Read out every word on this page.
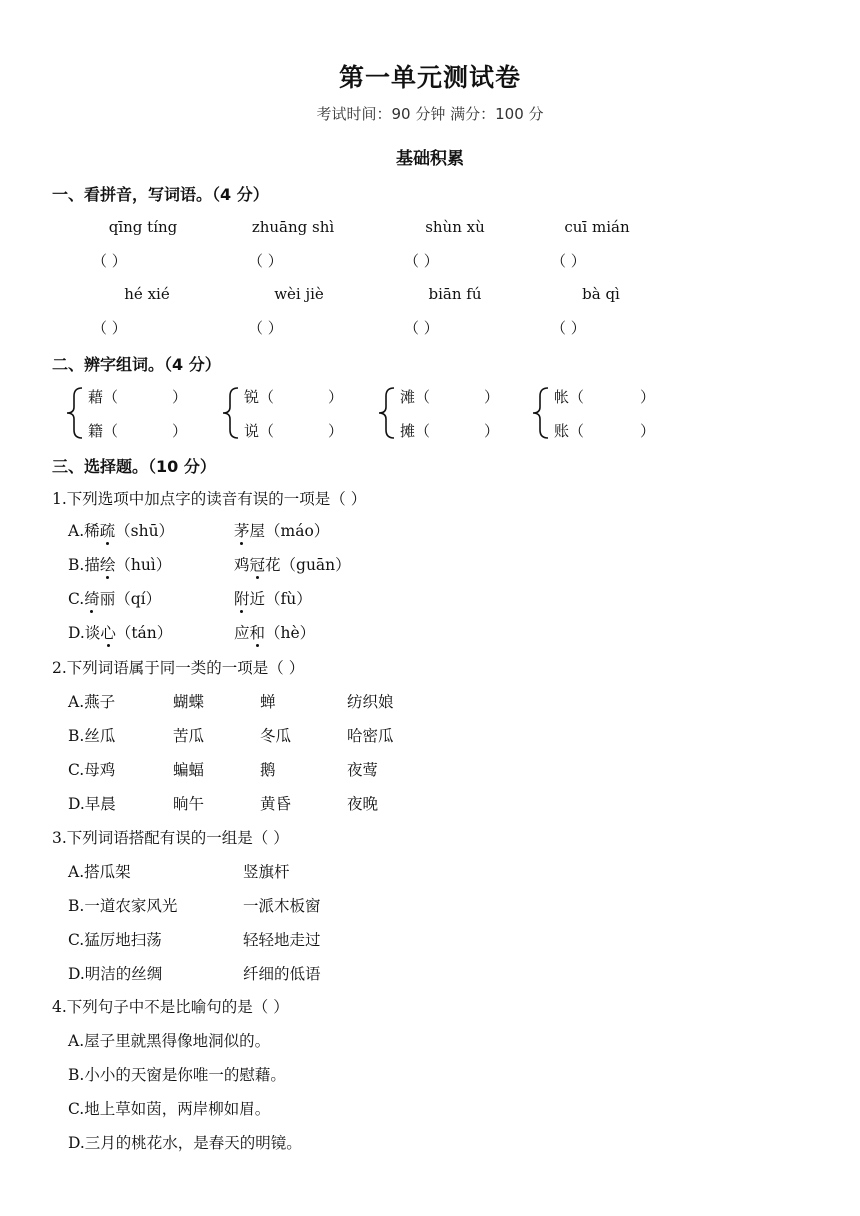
第一单元测试卷
考试时间：90 分钟 满分：100 分
基础积累
一、看拼音，写词语。（4 分）
qīng tíng	zhuāng shì	shùn xù	cuī mián
（ ）	（ ）	（ ）	（ ）
hé xié	wèi jiè	biān fú	bà qì
（ ）	（ ）	（ ）	（ ）
二、辨字组词。（4 分）
藉（	）
籍（	）
锐（	）
说（	）
滩（	）
摊（	）
帐（	）
账（	）
三、选择题。（10 分）
1.下列选项中加点字的读音有误的一项是（ ）
A.稀疏（shū）	茅屋（máo）
B.描绘（huì）	鸡冠花（guān）
C.绮丽（qí）	附近（fù）
D.谈心（tán）	应和（hè）
2.下列词语属于同一类的一项是（ ）
A.燕子	蝴蝶	蝉	纺织娘
B.丝瓜	苦瓜	冬瓜	哈密瓜
C.母鸡	蝙蝠	鹅	夜莺
D.早晨	晌午	黄昏	夜晚
3.下列词语搭配有误的一组是（ ）
A.搭瓜架	竖旗杆
B.一道农家风光	一派木板窗
C.猛厉地扫荡	轻轻地走过
D.明洁的丝绸	纤细的低语
4.下列句子中不是比喻句的是（ ）
A.屋子里就黑得像地洞似的。
B.小小的天窗是你唯一的慰藉。
C.地上草如茵，两岸柳如眉。
D.三月的桃花水，是春天的明镜。
